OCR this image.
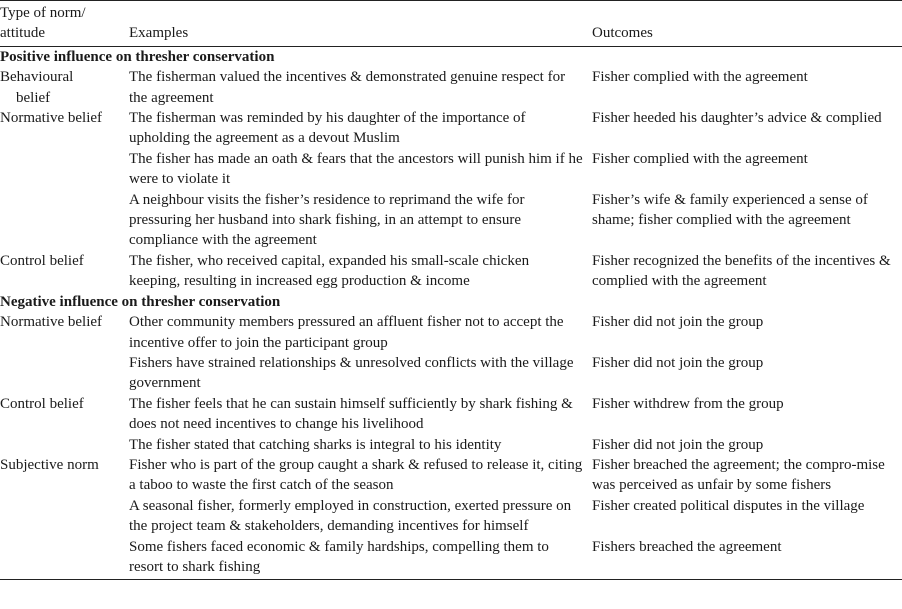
Type of norm/
attitude	Examples	Outcomes
Positive influence on thresher conservation		

Behavioural
belief	The fisherman valued the incentives & demonstrated genuine respect for the agreement	Fisher complied with the agreement

Normative belief	The fisherman was reminded by his daughter of the importance of upholding the agreement as a devout Muslim	Fisher heeded his daughter’s advice & complied

	The fisher has made an oath & fears that the ancestors will punish him if he were to violate it	Fisher complied with the agreement

	A neighbour visits the fisher’s residence to reprimand the wife for pressuring her husband into shark fishing, in an attempt to ensure compliance with the agreement	Fisher’s wife & family experienced a sense of shame; fisher complied with the agreement

Control belief	The fisher, who received capital, expanded his small-scale chicken keeping, resulting in increased egg production & income	Fisher recognized the benefits of the incentives & complied with the agreement
Negative influence on thresher conservation		

Normative belief	Other community members pressured an affluent fisher not to accept the incentive offer to join the participant group	Fisher did not join the group

	Fishers have strained relationships & unresolved conflicts with the village government	Fisher did not join the group

Control belief	The fisher feels that he can sustain himself sufficiently by shark fishing & does not need incentives to change his livelihood	Fisher withdrew from the group

	The fisher stated that catching sharks is integral to his identity	Fisher did not join the group

Subjective norm	Fisher who is part of the group caught a shark & refused to release it, citing a taboo to waste the first catch of the season	Fisher breached the agreement; the compro-mise was perceived as unfair by some fishers

	A seasonal fisher, formerly employed in construction, exerted pressure on the project team & stakeholders, demanding incentives for himself	Fisher created political disputes in the village

	Some fishers faced economic & family hardships, compelling them to resort to shark fishing	Fishers breached the agreement
